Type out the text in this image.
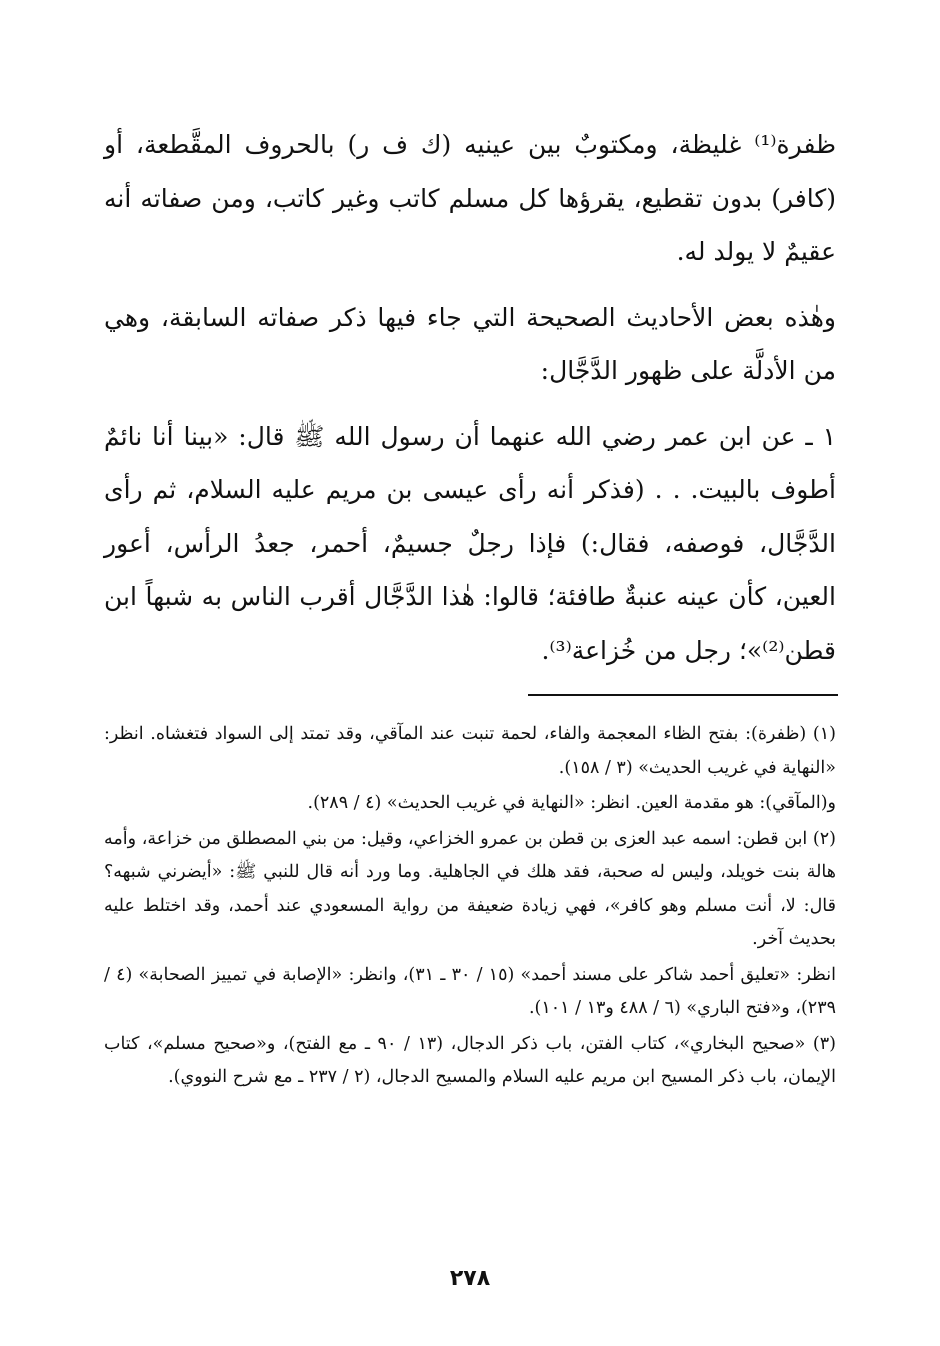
ظفرة⁽¹⁾ غليظة، ومكتوبٌ بين عينيه (ك ف ر) بالحروف المقَّطعة، أو (كافر) بدون تقطيع، يقرؤها كل مسلم كاتب وغير كاتب، ومن صفاته أنه عقيمٌ لا يولد له.

وهٰذه بعض الأحاديث الصحيحة التي جاء فيها ذكر صفاته السابقة، وهي من الأدلَّة على ظهور الدَّجَّال:

١ ـ عن ابن عمر رضي الله عنهما أن رسول الله ﷺ قال: «بينا أنا نائمٌ أطوف بالبيت. . . (فذكر أنه رأى عيسى بن مريم عليه السلام، ثم رأى الدَّجَّال، فوصفه، فقال:) فإذا رجلٌ جسيمٌ، أحمر، جعدُ الرأس، أعور العين، كأن عينه عنبةٌ طافئة؛ قالوا: هٰذا الدَّجَّال أقرب الناس به شبهاً ابن قطن⁽²⁾»؛ رجل من خُزاعة⁽³⁾.

(١) (ظفرة): بفتح الظاء المعجمة والفاء، لحمة تنبت عند المآقي، وقد تمتد إلى السواد فتغشاه. انظر: «النهاية في غريب الحديث» (٣ / ١٥٨).

و(المآقي): هو مقدمة العين. انظر: «النهاية في غريب الحديث» (٤ / ٢٨٩).

(٢) ابن قطن: اسمه عبد العزى بن قطن بن عمرو الخزاعي، وقيل: من بني المصطلق من خزاعة، وأمه هالة بنت خويلد، وليس له صحبة، فقد هلك في الجاهلية. وما ورد أنه قال للنبي ﷺ: «أيضرني شبهه؟ قال: لا، أنت مسلم وهو كافر»، فهي زيادة ضعيفة من رواية المسعودي عند أحمد، وقد اختلط عليه بحديث آخر.

انظر: «تعليق أحمد شاكر على مسند أحمد» (١٥ / ٣٠ ـ ٣١)، وانظر: «الإصابة في تمييز الصحابة» (٤ / ٢٣٩)، و«فتح الباري» (٦ / ٤٨٨ و١٣ / ١٠١).

(٣) «صحيح البخاري»، كتاب الفتن، باب ذكر الدجال، (١٣ / ٩٠ ـ مع الفتح)، و«صحيح مسلم»، كتاب الإيمان، باب ذكر المسيح ابن مريم عليه السلام والمسيح الدجال، (٢ / ٢٣٧ ـ مع شرح النووي).

٢٧٨
